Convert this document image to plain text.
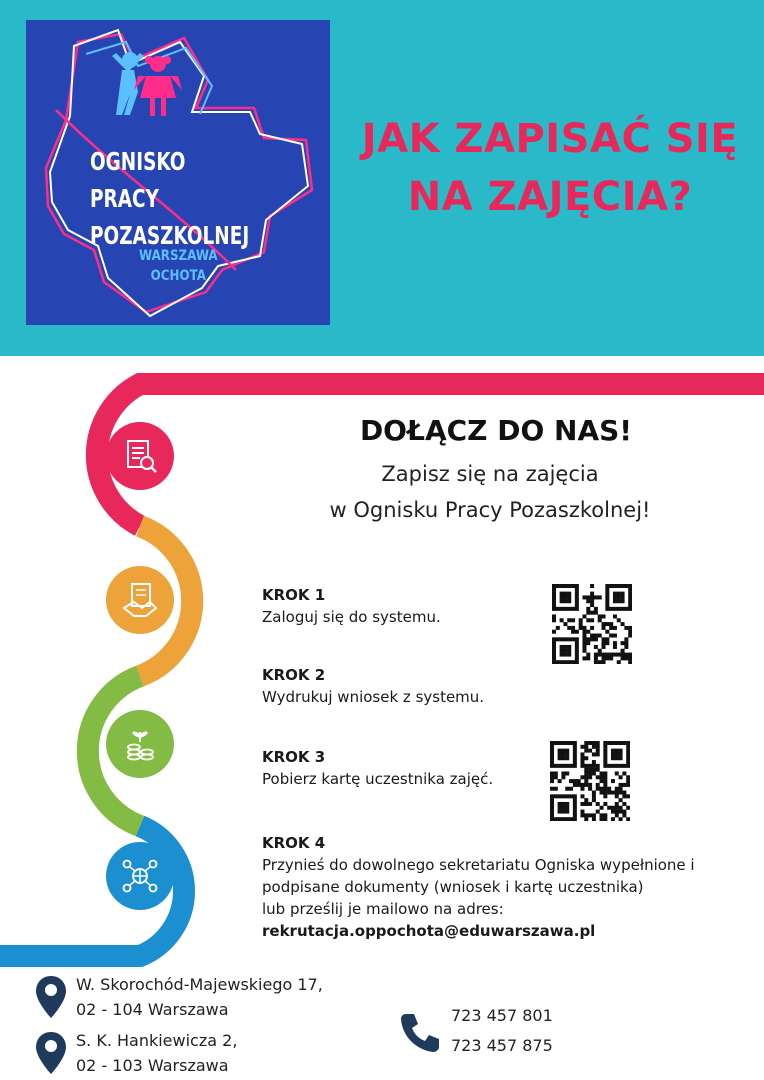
OGNISKO
PRACY
POZASZKOLNEJ
WARSZAWA
OCHOTA
JAK ZAPISAĆ SIĘ
NA ZAJĘCIA?
DOŁĄCZ DO NAS!
Zapisz się na zajęcia
w Ognisku Pracy Pozaszkolnej!
KROK 1
Zaloguj się do systemu.
KROK 2
Wydrukuj wniosek z systemu.
KROK 3
Pobierz kartę uczestnika zajęć.
KROK 4
Przynieś do dowolnego sekretariatu Ogniska wypełnione i
podpisane dokumenty (wniosek i kartę uczestnika)
lub prześlij je mailowo na adres:
rekrutacja.oppochota@eduwarszawa.pl
W. Skorochód-Majewskiego 17,
02 - 104 Warszawa
S. K. Hankiewicza 2,
02 - 103 Warszawa
723 457 801
723 457 875
